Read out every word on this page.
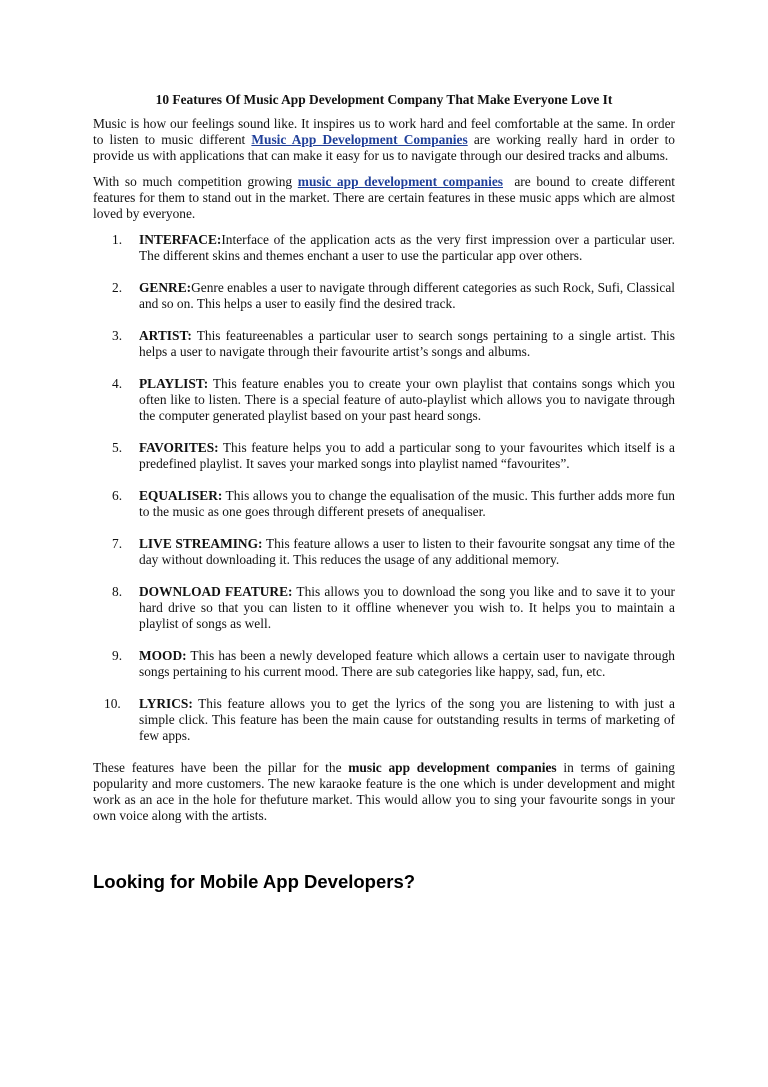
10 Features Of Music App Development Company That Make Everyone Love It

Music is how our feelings sound like. It inspires us to work hard and feel comfortable at the same. In order to listen to music different Music App Development Companies are working really hard in order to provide us with applications that can make it easy for us to navigate through our desired tracks and albums.

With so much competition growing music app development companies  are bound to create different features for them to stand out in the market. There are certain features in these music apps which are almost loved by everyone.

1. INTERFACE:Interface of the application acts as the very first impression over a particular user. The different skins and themes enchant a user to use the particular app over others.
2. GENRE:Genre enables a user to navigate through different categories as such Rock, Sufi, Classical and so on. This helps a user to easily find the desired track.
3. ARTIST: This featureenables a particular user to search songs pertaining to a single artist. This helps a user to navigate through their favourite artist’s songs and albums.
4. PLAYLIST: This feature enables you to create your own playlist that contains songs which you often like to listen. There is a special feature of auto-playlist which allows you to navigate through the computer generated playlist based on your past heard songs.
5. FAVORITES: This feature helps you to add a particular song to your favourites which itself is a predefined playlist. It saves your marked songs into playlist named “favourites”.
6. EQUALISER: This allows you to change the equalisation of the music. This further adds more fun to the music as one goes through different presets of anequaliser.
7. LIVE STREAMING: This feature allows a user to listen to their favourite songsat any time of the day without downloading it. This reduces the usage of any additional memory.
8. DOWNLOAD FEATURE: This allows you to download the song you like and to save it to your hard drive so that you can listen to it offline whenever you wish to. It helps you to maintain a playlist of songs as well.
9. MOOD: This has been a newly developed feature which allows a certain user to navigate through songs pertaining to his current mood. There are sub categories like happy, sad, fun, etc.
10. LYRICS: This feature allows you to get the lyrics of the song you are listening to with just a simple click. This feature has been the main cause for outstanding results in terms of marketing of few apps.

These features have been the pillar for the music app development companies in terms of gaining popularity and more customers. The new karaoke feature is the one which is under development and might work as an ace in the hole for thefuture market. This would allow you to sing your favourite songs in your own voice along with the artists.

Looking for Mobile App Developers?
